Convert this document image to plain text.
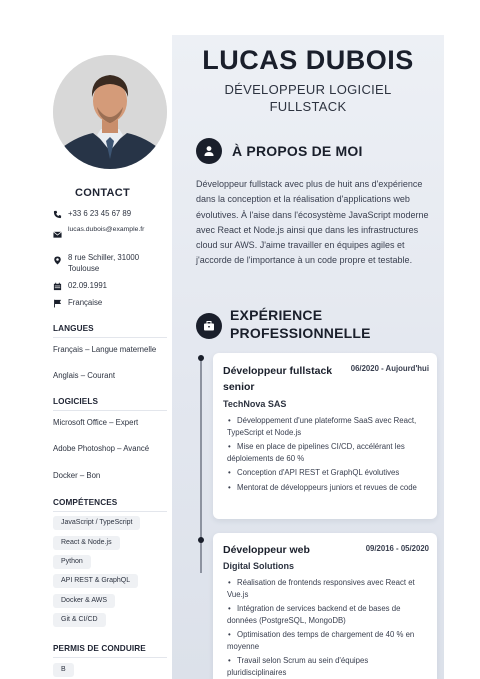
CONTACT
+33 6 23 45 67 89
lucas.dubois@example.fr
8 rue Schiller, 31000 Toulouse
02.09.1991
Française
LANGUES
Français – Langue maternelle
Anglais – Courant
LOGICIELS
Microsoft Office – Expert
Adobe Photoshop – Avancé
Docker – Bon
COMPÉTENCES
JavaScript / TypeScript
React & Node.js
Python
API REST & GraphQL
Docker & AWS
Git & CI/CD
PERMIS DE CONDUIRE
B
LUCAS DUBOIS
DÉVELOPPEUR LOGICIEL FULLSTACK
À PROPOS DE MOI
Développeur fullstack avec plus de huit ans d'expérience dans la conception et la réalisation d'applications web évolutives. À l'aise dans l'écosystème JavaScript moderne avec React et Node.js ainsi que dans les infrastructures cloud sur AWS. J'aime travailler en équipes agiles et j'accorde de l'importance à un code propre et testable.
EXPÉRIENCE PROFESSIONNELLE
Développeur fullstack senior
06/2020 - Aujourd'hui
TechNova SAS
• Développement d'une plateforme SaaS avec React, TypeScript et Node.js
• Mise en place de pipelines CI/CD, accélérant les déploiements de 60 %
• Conception d'API REST et GraphQL évolutives
• Mentorat de développeurs juniors et revues de code
Développeur web	09/2016 - 05/2020
Digital Solutions
• Réalisation de frontends responsives avec React et Vue.js
• Intégration de services backend et de bases de données (PostgreSQL, MongoDB)
• Optimisation des temps de chargement de 40 % en moyenne
• Travail selon Scrum au sein d'équipes pluridisciplinaires
